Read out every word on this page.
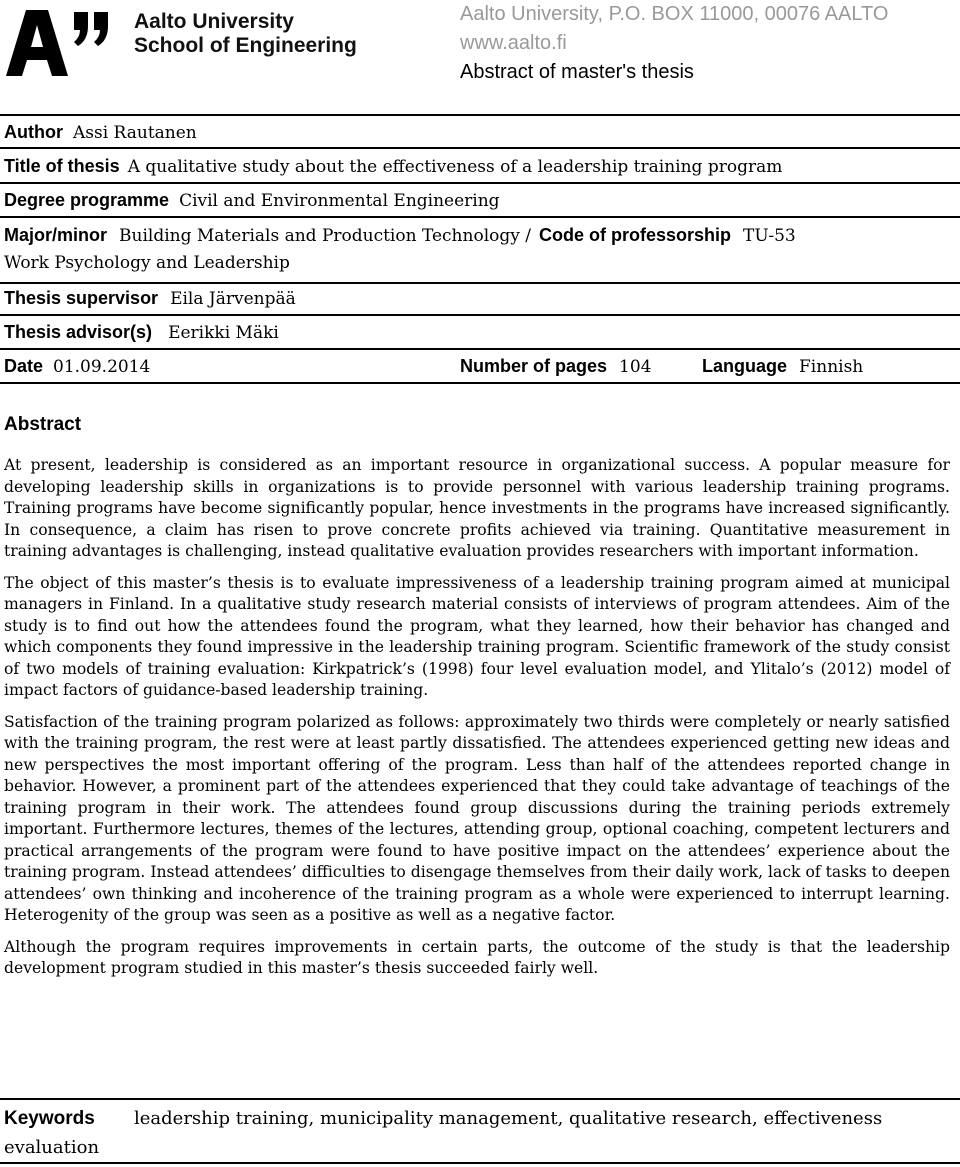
Aalto University
School of Engineering
Aalto University, P.O. BOX 11000, 00076 AALTO
www.aalto.fi
Abstract of master's thesis
Author Assi Rautanen
Title of thesis A qualitative study about the effectiveness of a leadership training program
Degree programme Civil and Environmental Engineering
Major/minor Building Materials and Production Technology / Code of professorship TU-53
Work Psychology and Leadership
Thesis supervisor Eila Järvenpää
Thesis advisor(s) Eerikki Mäki
Date 01.09.2014	Number of pages 104	Language Finnish
Abstract

At present, leadership is considered as an important resource in organizational success. A popular measure for developing leadership skills in organizations is to provide personnel with various leadership training programs. Training programs have become significantly popular, hence investments in the programs have increased significantly. In consequence, a claim has risen to prove concrete profits achieved via training. Quantitative measurement in training advantages is challenging, instead qualitative evaluation provides researchers with important information.

The object of this master’s thesis is to evaluate impressiveness of a leadership training program aimed at municipal managers in Finland. In a qualitative study research material consists of interviews of program attendees. Aim of the study is to find out how the attendees found the program, what they learned, how their behavior has changed and which components they found impressive in the leadership training program. Scientific framework of the study consist of two models of training evaluation: Kirkpatrick’s (1998) four level evaluation model, and Ylitalo’s (2012) model of impact factors of guidance-based leadership training.

Satisfaction of the training program polarized as follows: approximately two thirds were completely or nearly satisfied with the training program, the rest were at least partly dissatisfied. The attendees experienced getting new ideas and new perspectives the most important offering of the program. Less than half of the attendees reported change in behavior. However, a prominent part of the attendees experienced that they could take advantage of teachings of the training program in their work. The attendees found group discussions during the training periods extremely important. Furthermore lectures, themes of the lectures, attending group, optional coaching, competent lecturers and practical arrangements of the program were found to have positive impact on the attendees’ experience about the training program. Instead attendees’ difficulties to disengage themselves from their daily work, lack of tasks to deepen attendees’ own thinking and incoherence of the training program as a whole were experienced to interrupt learning. Heterogenity of the group was seen as a positive as well as a negative factor.

Although the program requires improvements in certain parts, the outcome of the study is that the leadership development program studied in this master’s thesis succeeded fairly well.

Keywords leadership training, municipality management, qualitative research, effectiveness evaluation
